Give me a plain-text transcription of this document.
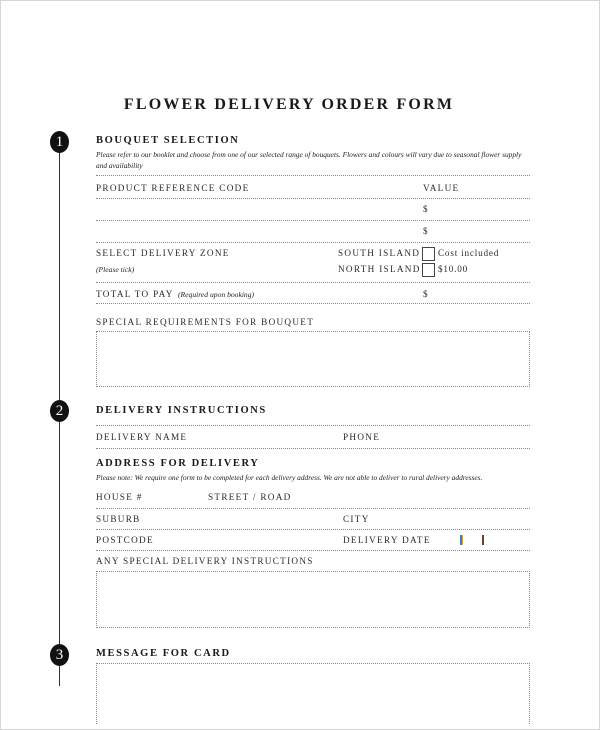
FLOWER DELIVERY ORDER FORM
1
2
3
BOUQUET SELECTION
Please refer to our booklet and choose from one of our selected range of bouquets. Flowers and colours will vary due to seasonal flower supply
and availability
PRODUCT REFERENCE CODE	VALUE
$
$
SELECT DELIVERY ZONE
(Please tick)
SOUTH ISLAND Cost included
NORTH ISLAND $10.00
TOTAL TO PAY (Required upon booking)	$
SPECIAL REQUIREMENTS FOR BOUQUET
DELIVERY INSTRUCTIONS
DELIVERY NAME	PHONE
ADDRESS FOR DELIVERY
Please note: We require one form to be completed for each delivery address. We are not able to deliver to rural delivery addresses.
HOUSE #	STREET / ROAD
SUBURB	CITY
POSTCODE	DELIVERY DATE
ANY SPECIAL DELIVERY INSTRUCTIONS
MESSAGE FOR CARD
